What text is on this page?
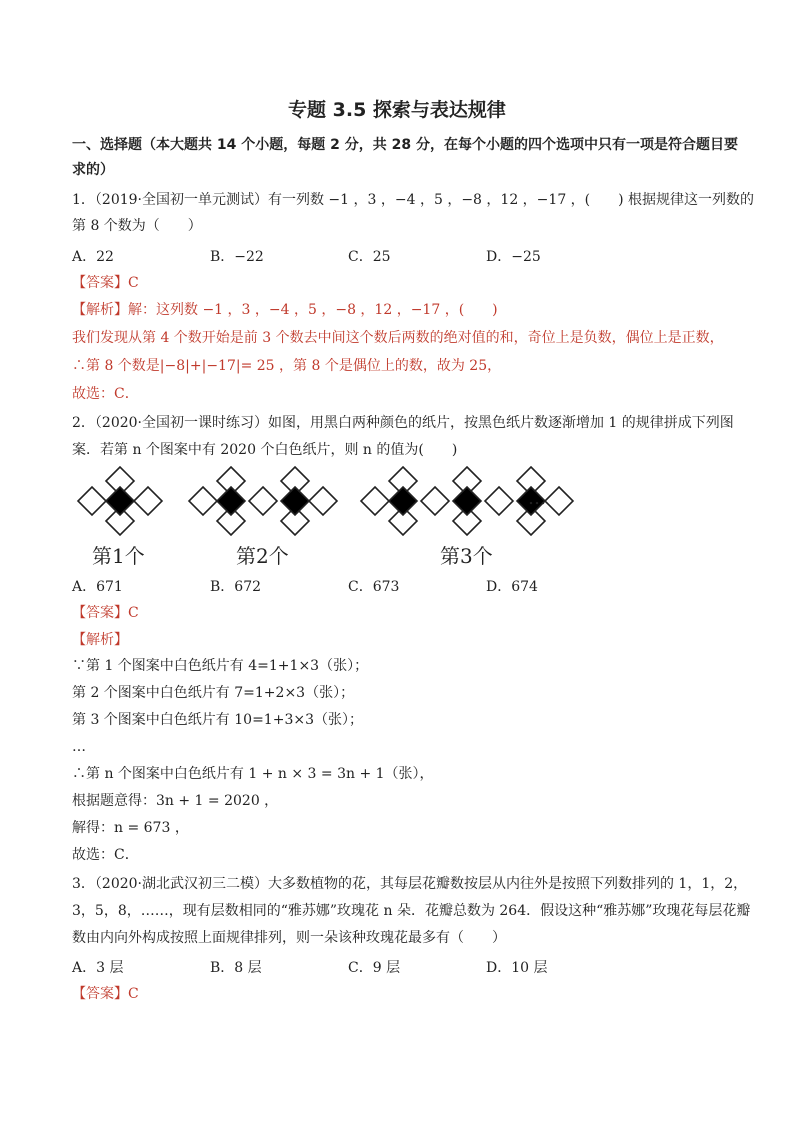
专题 3.5 探索与表达规律
一、选择题（本大题共 14 个小题，每题 2 分，共 28 分，在每个小题的四个选项中只有一项是符合题目要
求的）
1．（2019·全国初一单元测试）有一列数 −1 ，3 ，−4 ，5 ，−8 ，12 ，−17 ，(　　) 根据规律这一列数的
第 8 个数为（　　）
A．22	B．−22	C．25	D．−25
【答案】C
【解析】解：这列数 −1 ，3 ，−4 ，5 ，−8 ，12 ，−17 ，(　　)
我们发现从第 4 个数开始是前 3 个数去中间这个数后两数的绝对值的和，奇位上是负数，偶位上是正数，
∴第 8 个数是|−8|+|−17|= 25 ，第 8 个是偶位上的数，故为 25，
故选：C．
2．（2020·全国初一课时练习）如图，用黑白两种颜色的纸片，按黑色纸片数逐渐增加 1 的规律拼成下列图
案．若第 n 个图案中有 2020 个白色纸片，则 n 的值为(　　)
…
第1个	第2个	第3个
A．671	B．672	C．673	D．674
【答案】C
【解析】
∵第 1 个图案中白色纸片有 4=1+1×3（张）；
第 2 个图案中白色纸片有 7=1+2×3（张）；
第 3 个图案中白色纸片有 10=1+3×3（张）；
…
∴第 n 个图案中白色纸片有 1 + n × 3 = 3n + 1（张），
根据题意得：3n + 1 = 2020 ，
解得：n = 673 ，
故选：C．
3．（2020·湖北武汉初三二模）大多数植物的花，其每层花瓣数按层从内往外是按照下列数排列的 1，1，2，
3，5，8，……，现有层数相同的“雅苏娜”玫瑰花 n 朵．花瓣总数为 264．假设这种“雅苏娜”玫瑰花每层花瓣
数由内向外构成按照上面规律排列，则一朵该种玫瑰花最多有（　　）
A．3 层	B．8 层	C．9 层	D．10 层
【答案】C
